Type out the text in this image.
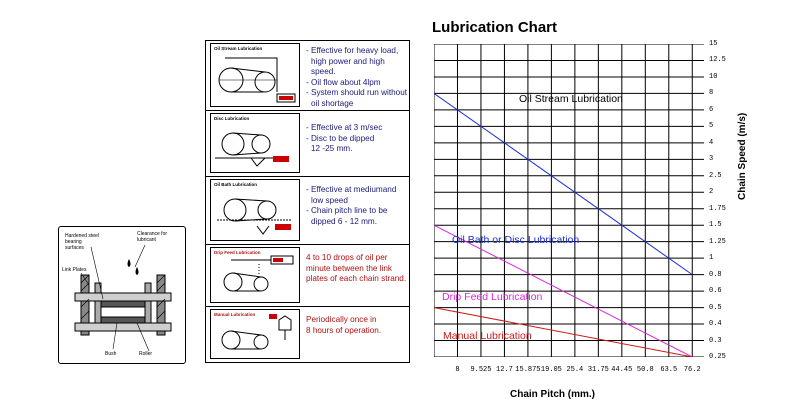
Hardened steel bearing surfaces
Clearance for lubricant
Link Plates
Bush	Roller
Oil Stream Lubrication	- Effective for heavy load,
high power and high speed.
- Oil flow about 4lpm
- System should run without
oil shortage
Disc Lubrication
- Effective at 3 m/sec
- Disc to be dipped
12 -25 mm.
Oil Bath Lubrication
- Effective at mediumand
low speed
- Chain pitch line to be
dipped 6 - 12 mm.
Drip Feed Lubrication
4 to 10 drops of oil per
minute between the link
plates of each chain strand.
Manual Lubrication
Periodically once in
8 hours of operation.
Lubrication Chart
15
12.5
10
8
6
5
4
3
2.5
2
1.75
1.5
1.25
1
0.8
0.6
0.5
0.4
0.3
0.25
8 9.525 12.7 15.875 19.05 25.4 31.75 44.45 50.8 63.5 76.2
Chain Pitch (mm.)
Chain Speed (m/s)
Oil Stream Lubrication
Oil Bath or Disc Lubrication
Drip Feed Lubrication
Manual Lubrication
